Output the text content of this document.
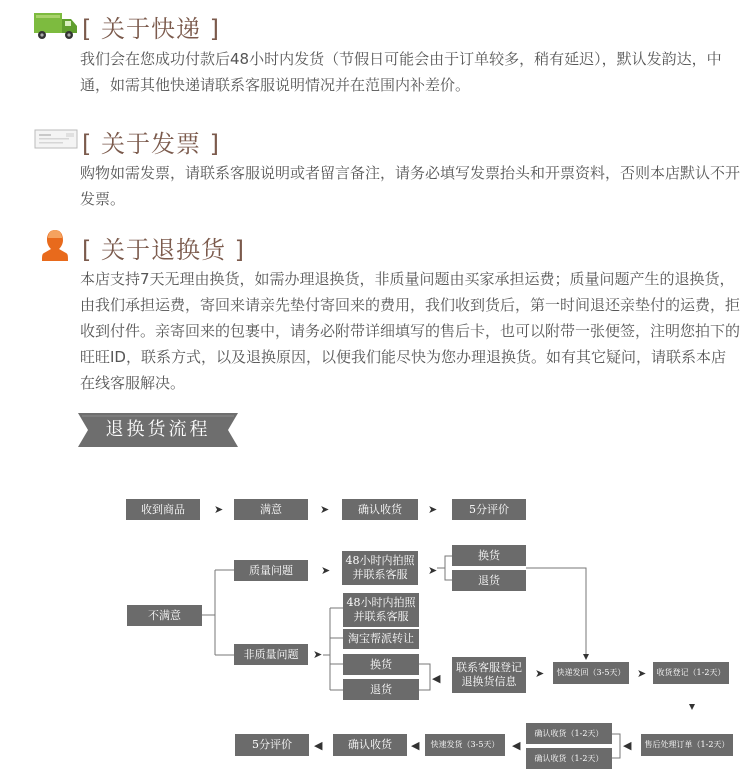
[ 关于快递 ]
我们会在您成功付款后48小时内发货（节假日可能会由于订单较多，稍有延迟），默认发韵达，中通，如需其他快递请联系客服说明情况并在范围内补差价。
[ 关于发票 ]
购物如需发票，请联系客服说明或者留言备注，请务必填写发票抬头和开票资料，否则本店默认不开发票。
[ 关于退换货 ]
本店支持7天无理由换货，如需办理退换货，非质量问题由买家承担运费；质量问题产生的退换货，由我们承担运费，寄回来请亲先垫付寄回来的费用，我们收到货后，第一时间退还亲垫付的运费，拒收到付件。亲寄回来的包裹中，请务必附带详细填写的售后卡，也可以附带一张便签，注明您拍下的旺旺ID，联系方式，以及退换原因，以便我们能尽快为您办理退换货。如有其它疑问，请联系本店在线客服解决。
退换货流程
收到商品	➤	满意	➤	确认收货	➤	5分评价
不满意
质量问题	➤
48小时内拍照
并联系客服	➤
换货
退货
非质量问题	➤
48小时内拍照
并联系客服
淘宝帮派转让
换货
退货
◀
联系客服登记
退换货信息
➤	快递发回（3-5天）	➤	收货登记（1-2天）
售后处理订单（1-2天）
◀
确认收货（1-2天）
确认收货（1-2天）
◀
快速发货（3-5天）
◀
确认收货
◀
5分评价
